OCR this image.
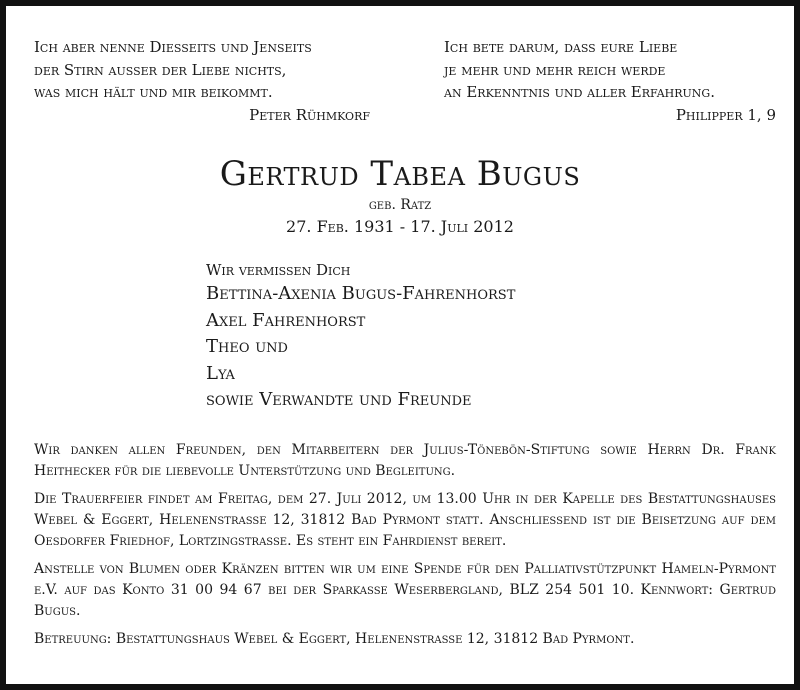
Ich aber nenne Diesseits und Jenseits
der Stirn ausser der Liebe nichts,
was mich hält und mir beikommt.
Peter Rühmkorf
Ich bete darum, dass eure Liebe
je mehr und mehr reich werde
an Erkenntnis und aller Erfahrung.
Philipper 1, 9
Gertrud Tabea Bugus
geb. Ratz
27. Feb. 1931 - 17. Juli 2012
Wir vermissen Dich
Bettina-Axenia Bugus-Fahrenhorst
Axel Fahrenhorst
Theo und
Lya
sowie Verwandte und Freunde

Wir danken allen Freunden, den Mitarbeitern der Julius-Tönebön-Stiftung sowie Herrn Dr. Frank Heithecker für die liebevolle Unterstützung und Begleitung.

Die Trauerfeier findet am Freitag, dem 27. Juli 2012, um 13.00 Uhr in der Kapelle des Bestattungshauses Webel & Eggert, Helenenstraße 12, 31812 Bad Pyrmont statt. Anschließend ist die Beisetzung auf dem Oesdorfer Friedhof, Lortzingstraße. Es steht ein Fahrdienst bereit.

Anstelle von Blumen oder Kränzen bitten wir um eine Spende für den Palliativstützpunkt Hameln-Pyrmont e.V. auf das Konto 31 00 94 67 bei der Sparkasse Weserbergland, BLZ 254 501 10. Kennwort: Gertrud Bugus.

Betreuung: Bestattungshaus Webel & Eggert, Helenenstraße 12, 31812 Bad Pyrmont.
